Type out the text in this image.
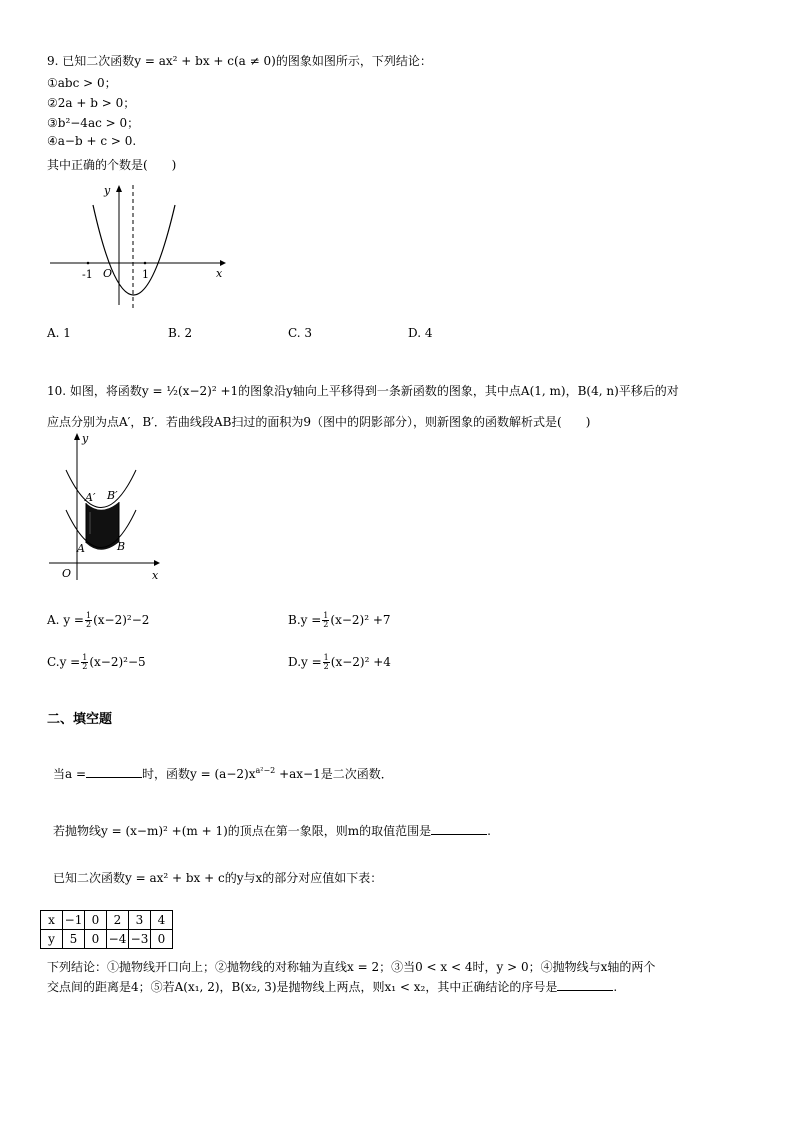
9. 已知二次函数y = ax² + bx + c(a ≠ 0)的图象如图所示，下列结论：
①abc > 0；
②2a + b > 0；
③b²−4ac > 0；
④a−b + c > 0.
其中正确的个数是(　　)
-1	1
O
y
x
A. 1	B. 2	C. 3	D. 4
10. 如图，将函数y = ½(x−2)² +1的图象沿y轴向上平移得到一条新函数的图象，其中点A(1, m)，B(4, n)平移后的对
应点分别为点A′，B′．若曲线段AB扫过的面积为9（图中的阴影部分），则新图象的函数解析式是(　　)
O
y
x
A	B
A′ B′
A. $y = \frac{1}{2} (x-2)^2-2$	$B.y = \frac{1}{2} (x-2)^2 +7$
$C.y = \frac{1}{2} (x-2)^2-5$	$D.y = \frac{1}{2} (x-2)^2 +4$
二、填空题
当a =	时，函数$y = (a-2)x^{a^2-2} +ax-1$是二次函数．
若抛物线y = (x−m)² +(m + 1)的顶点在第一象限，则m的取值范围是	.
已知二次函数y = ax² + bx + c的y与x的部分对应值如下表：
x	−1	0	2	3	4
y	5	0	−4	−3	0
下列结论：①抛物线开口向上；②抛物线的对称轴为直线x = 2；③当0 < x < 4时，y > 0；④抛物线与x轴的两个
交点间的距离是4；⑤若A(x₁, 2)，B(x₂, 3)是抛物线上两点，则x₁ < x₂，其中正确结论的序号是	.
